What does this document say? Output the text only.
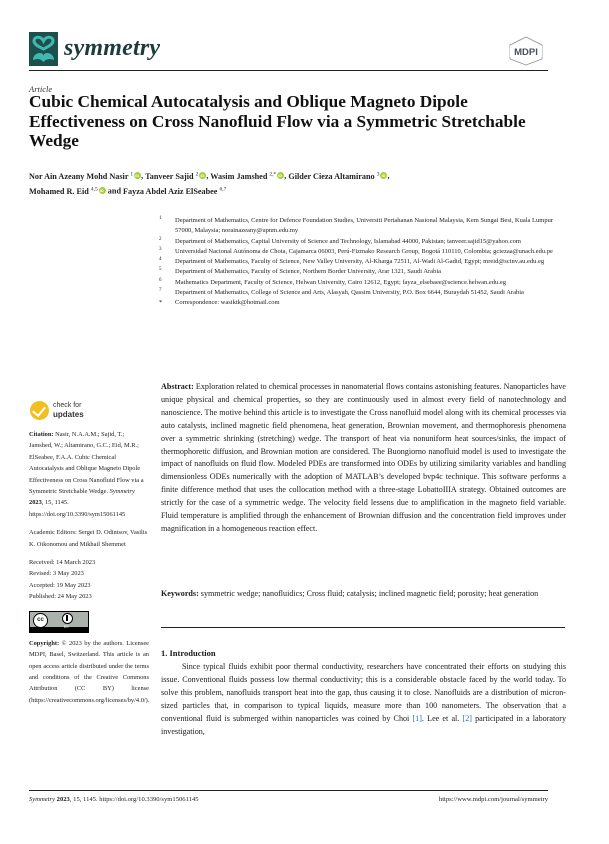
symmetry	MDPI
Article
Cubic Chemical Autocatalysis and Oblique Magneto Dipole Effectiveness on Cross Nanofluid Flow via a Symmetric Stretchable Wedge
Nor Ain Azeany Mohd Nasir $^1$ iD , Tanveer Sajid $^2$ iD , Wasim Jamshed $^{2,*}$ iD , Gilder Cieza Altamirano $^3$ iD ,
Mohamed R. Eid $^{4,5}$iD and Fayza Abdel Aziz ElSeabee $^{6,7}$
1 Department of Mathematics, Centre for Defence Foundation Studies, Universiti Pertahanan Nasional Malaysia, Kem Sungai Besi, Kuala Lumpur 57000, Malaysia; norainazeany@upnm.edu.my
2 Department of Mathematics, Capital University of Science and Technology, Islamabad 44000, Pakistan; tanveer.sajid15@yahoo.com
3 Universidad Nacional Autónoma de Chota, Cajamarca 06003, Perú-Fizmako Research Group, Bogotá 110110, Colombia; gciezaa@unach.edu.pe
4 Department of Mathematics, Faculty of Science, New Valley University, Al-Kharga 72511, Al-Wadi Al-Gadid, Egypt; mreid@scinv.au.edu.eg
5 Department of Mathematics, Faculty of Science, Northern Border University, Arar 1321, Saudi Arabia
6 Mathematics Department, Faculty of Science, Helwan University, Cairo 12612, Egypt; fayza_elsebaee@science.helwan.edu.eg
7 Department of Mathematics, College of Science and Arts, Alasyah, Qassim University, P.O. Box 6644, Buraydah 51452, Saudi Arabia
* Correspondence: wasiktk@hotmail.com
check for
updates
Citation: Nasir, N.A.A.M.; Sajid, T.; Jamshed, W.; Altamirano, G.C.; Eid, M.R.; ElSeabee, F.A.A. Cubic Chemical Autocatalysis and Oblique Magneto Dipole Effectiveness on Cross Nanofluid Flow via a Symmetric Stretchable Wedge. Symmetry 2023, 15, 1145. https://doi.org/10.3390/sym15061145
Academic Editors: Sergei D. Odintsov, Vasilis K. Oikonomou and Mikhail Shemmet
Received: 14 March 2023
Revised: 3 May 2023
Accepted: 19 May 2023
Published: 24 May 2023
cc
BY
Copyright: © 2023 by the authors. Licensee MDPI, Basel, Switzerland. This article is an open access article distributed under the terms and conditions of the Creative Commons Attribution (CC BY) license (https://creativecommons.org/licenses/by/4.0/).
Abstract: Exploration related to chemical processes in nanomaterial flows contains astonishing features. Nanoparticles have unique physical and chemical properties, so they are continuously used in almost every field of nanotechnology and nanoscience. The motive behind this article is to investigate the Cross nanofluid model along with its chemical processes via auto catalysts, inclined magnetic field phenomena, heat generation, Brownian movement, and thermophoresis phenomena over a symmetric shrinking (stretching) wedge. The transport of heat via nonuniform heat sources/sinks, the impact of thermophoretic diffusion, and Brownian motion are considered. The Buongiorno nanofluid model is used to investigate the impact of nanofluids on fluid flow. Modeled PDEs are transformed into ODEs by utilizing similarity variables and handling dimensionless ODEs numerically with the adoption of MATLAB’s developed bvp4c technique. This software performs a finite difference method that uses the collocation method with a three-stage LobattoIIIA strategy. Obtained outcomes are strictly for the case of a symmetric wedge. The velocity field lessens due to amplification in the magneto field variable. Fluid temperature is amplified through the enhancement of Brownian diffusion and the concentration field improves under magnification in a homogeneous reaction effect.
Keywords: symmetric wedge; nanofluidics; Cross fluid; catalysis; inclined magnetic field; porosity; heat generation
1. Introduction

Since typical fluids exhibit poor thermal conductivity, researchers have concentrated their efforts on studying this issue. Conventional fluids possess low thermal conductivity; this is a considerable obstacle faced by the world today. To solve this problem, nanofluids transport heat into the gap, thus causing it to close. Nanofluids are a distribution of micron-sized particles that, in comparison to typical liquids, measure more than 100 nanometers. The observation that a conventional fluid is submerged within nanoparticles was coined by Choi [1]. Lee et al. [2] participated in a laboratory investigation,

Symmetry 2023, 15, 1145. https://doi.org/10.3390/sym15061145	https://www.mdpi.com/journal/symmetry
